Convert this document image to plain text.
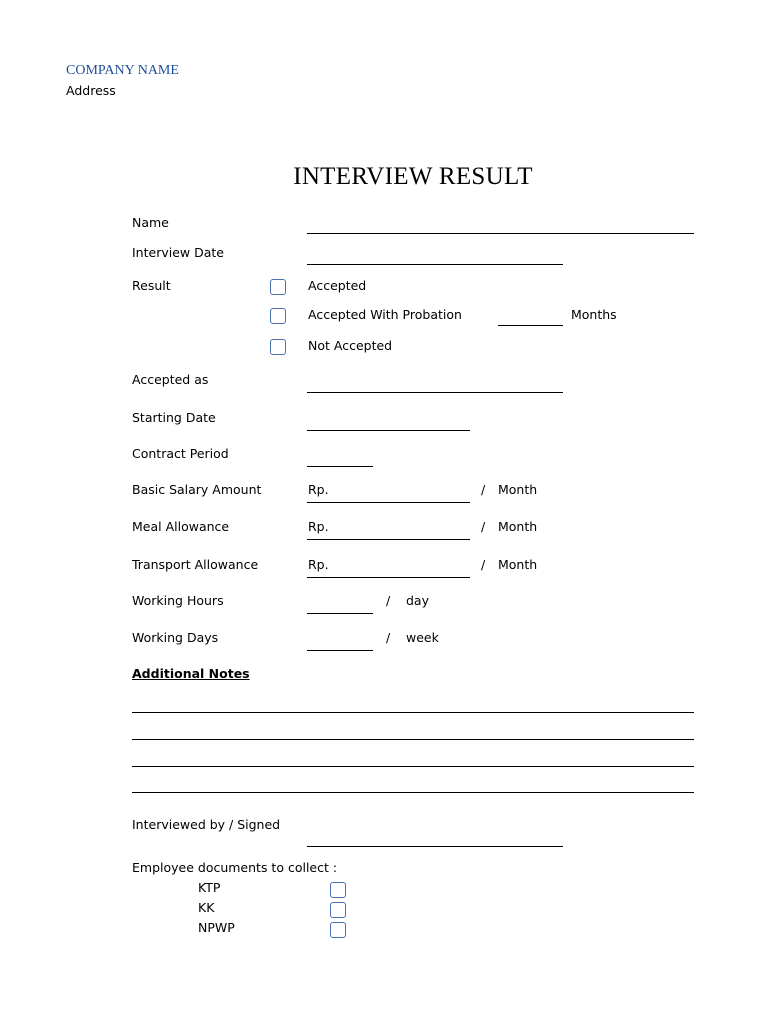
COMPANY NAME
Address
INTERVIEW RESULT
Name
Interview Date
Result	Accepted
Accepted With Probation	Months
Not Accepted
Accepted as
Starting Date
Contract Period
Basic Salary Amount	Rp.	/ Month
Meal Allowance	Rp.	/ Month
Transport Allowance	Rp.	/ Month
Working Hours	/ day
Working Days	/ week
Additional Notes
Interviewed by / Signed
Employee documents to collect :
KTP
KK
NPWP
